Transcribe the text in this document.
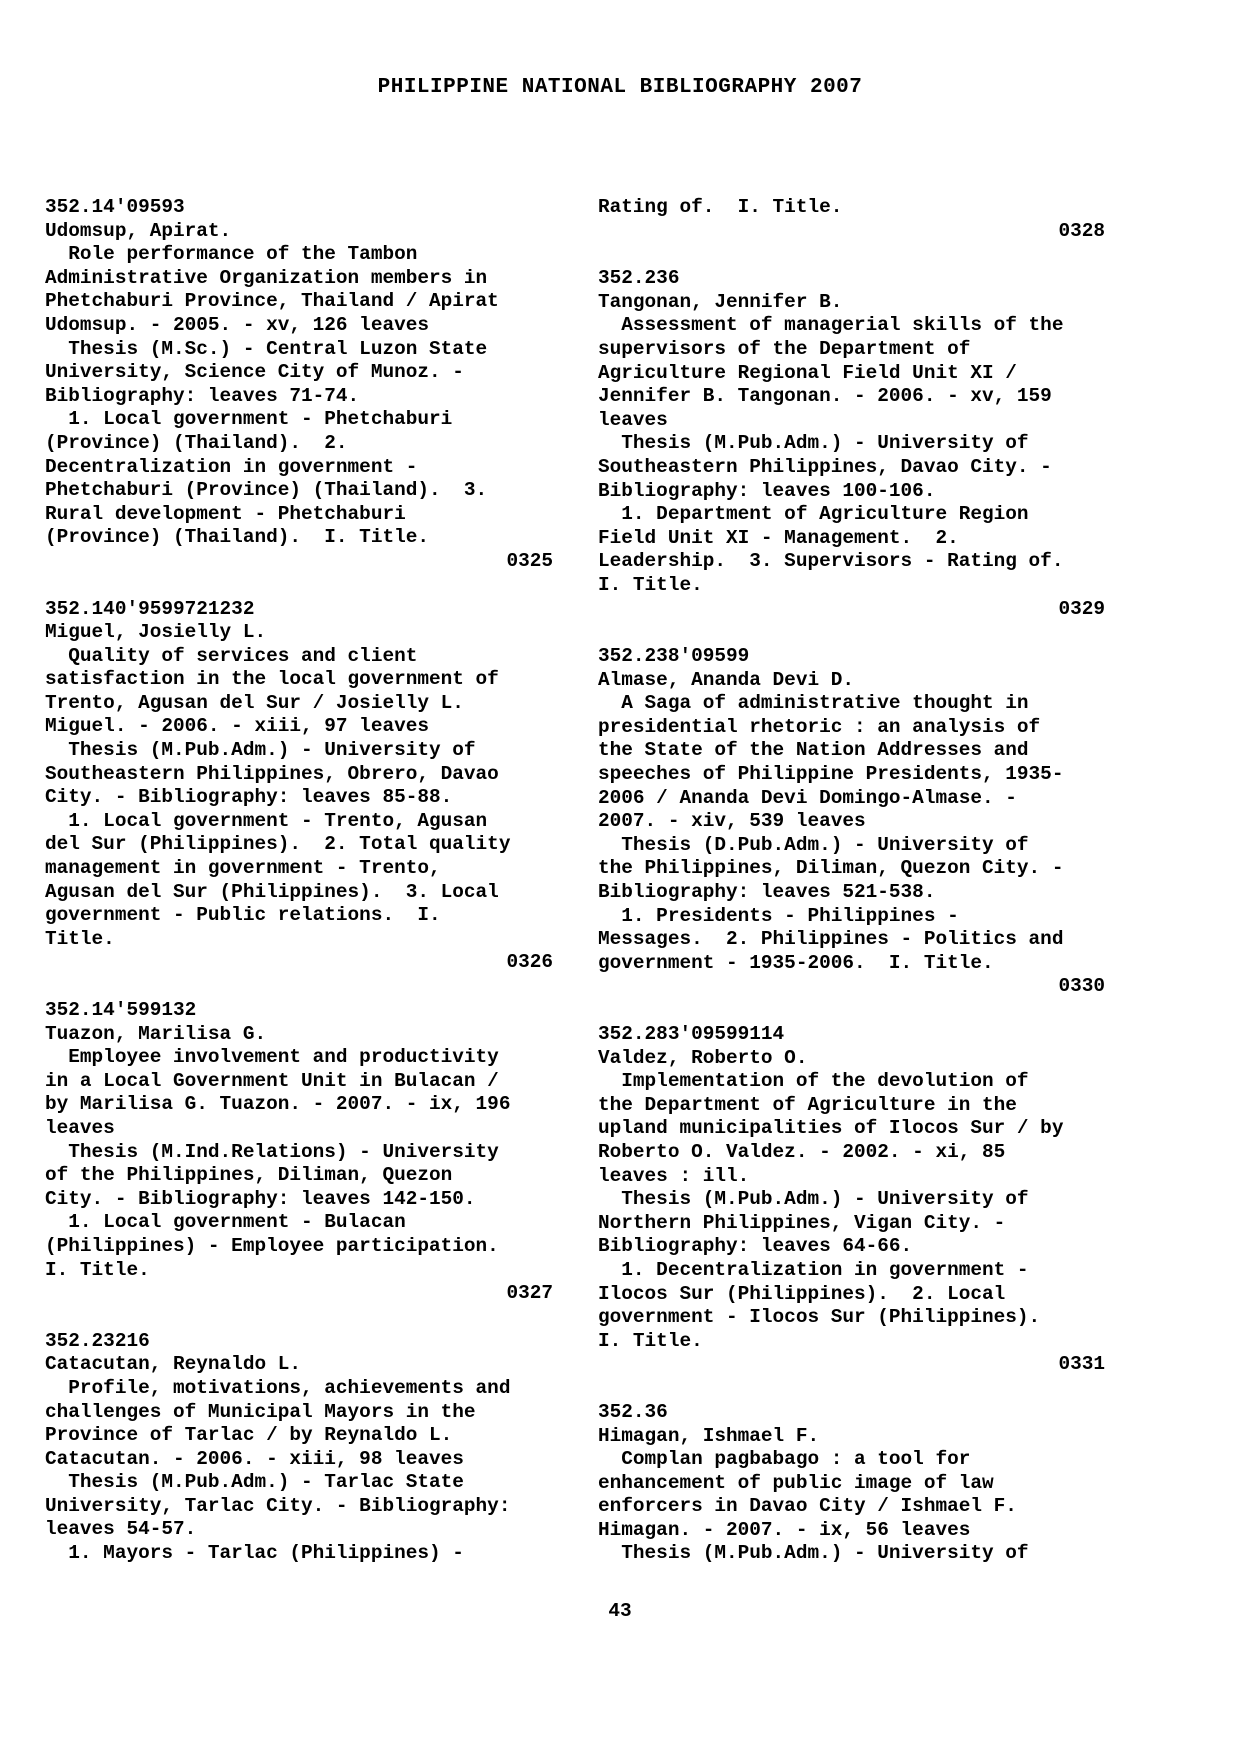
PHILIPPINE NATIONAL BIBLIOGRAPHY 2007
352.14'09593
Udomsup, Apirat.
Role performance of the Tambon
Administrative Organization members in
Phetchaburi Province, Thailand / Apirat
Udomsup. - 2005. - xv, 126 leaves
Thesis (M.Sc.) - Central Luzon State
University, Science City of Munoz. -
Bibliography: leaves 71-74.
1. Local government - Phetchaburi
(Province) (Thailand).  2.
Decentralization in government -
Phetchaburi (Province) (Thailand).  3.
Rural development - Phetchaburi
(Province) (Thailand).  I. Title.
0325
352.140'9599721232
Miguel, Josielly L.
Quality of services and client
satisfaction in the local government of
Trento, Agusan del Sur / Josielly L.
Miguel. - 2006. - xiii, 97 leaves
Thesis (M.Pub.Adm.) - University of
Southeastern Philippines, Obrero, Davao
City. - Bibliography: leaves 85-88.
1. Local government - Trento, Agusan
del Sur (Philippines).  2. Total quality
management in government - Trento,
Agusan del Sur (Philippines).  3. Local
government - Public relations.  I.
Title.
0326
352.14'599132
Tuazon, Marilisa G.
Employee involvement and productivity
in a Local Government Unit in Bulacan /
by Marilisa G. Tuazon. - 2007. - ix, 196
leaves
Thesis (M.Ind.Relations) - University
of the Philippines, Diliman, Quezon
City. - Bibliography: leaves 142-150.
1. Local government - Bulacan
(Philippines) - Employee participation.
I. Title.
0327
352.23216
Catacutan, Reynaldo L.
Profile, motivations, achievements and
challenges of Municipal Mayors in the
Province of Tarlac / by Reynaldo L.
Catacutan. - 2006. - xiii, 98 leaves
Thesis (M.Pub.Adm.) - Tarlac State
University, Tarlac City. - Bibliography:
leaves 54-57.
1. Mayors - Tarlac (Philippines) -
Rating of.  I. Title.
0328
352.236
Tangonan, Jennifer B.
Assessment of managerial skills of the
supervisors of the Department of
Agriculture Regional Field Unit XI /
Jennifer B. Tangonan. - 2006. - xv, 159
leaves
Thesis (M.Pub.Adm.) - University of
Southeastern Philippines, Davao City. -
Bibliography: leaves 100-106.
1. Department of Agriculture Region
Field Unit XI - Management.  2.
Leadership.  3. Supervisors - Rating of.
I. Title.
0329
352.238'09599
Almase, Ananda Devi D.
A Saga of administrative thought in
presidential rhetoric : an analysis of
the State of the Nation Addresses and
speeches of Philippine Presidents, 1935-
2006 / Ananda Devi Domingo-Almase. -
2007. - xiv, 539 leaves
Thesis (D.Pub.Adm.) - University of
the Philippines, Diliman, Quezon City. -
Bibliography: leaves 521-538.
1. Presidents - Philippines -
Messages.  2. Philippines - Politics and
government - 1935-2006.  I. Title.
0330
352.283'09599114
Valdez, Roberto O.
Implementation of the devolution of
the Department of Agriculture in the
upland municipalities of Ilocos Sur / by
Roberto O. Valdez. - 2002. - xi, 85
leaves : ill.
Thesis (M.Pub.Adm.) - University of
Northern Philippines, Vigan City. -
Bibliography: leaves 64-66.
1. Decentralization in government -
Ilocos Sur (Philippines).  2. Local
government - Ilocos Sur (Philippines).
I. Title.
0331
352.36
Himagan, Ishmael F.
Complan pagbabago : a tool for
enhancement of public image of law
enforcers in Davao City / Ishmael F.
Himagan. - 2007. - ix, 56 leaves
Thesis (M.Pub.Adm.) - University of
43
